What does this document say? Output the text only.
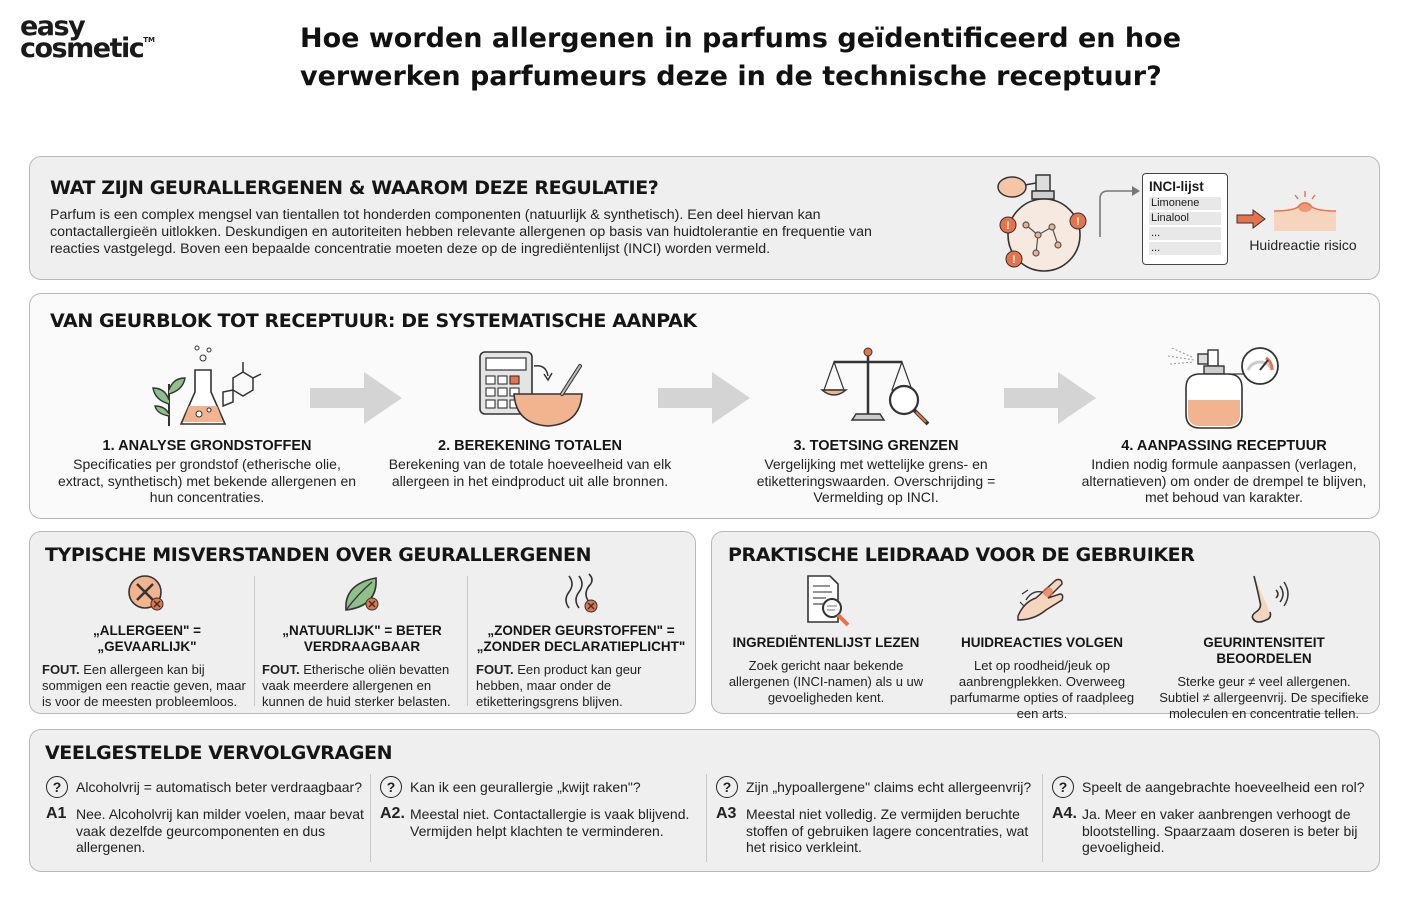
easy
cosmetic™	Hoe worden allergenen in parfums geïdentificeerd en hoe verwerken parfumeurs deze in de technische receptuur?
WAT ZIJN GEURALLERGENEN & WAAROM DEZE REGULATIE?
Parfum is een complex mengsel van tientallen tot honderden componenten (natuurlijk & synthetisch). Een deel hiervan kan contactallergieën uitlokken. Deskundigen en autoriteiten hebben relevante allergenen op basis van huidtolerantie en frequentie van reacties vastgelegd. Boven een bepaalde concentratie moeten deze op de ingrediëntenlijst (INCI) worden vermeld.
!	!
!
INCI-lijst
Limonene
Linalool
...
...	Huidreactie risico
VAN GEURBLOK TOT RECEPTUUR: DE SYSTEMATISCHE AANPAK
1. ANALYSE GRONDSTOFFEN
Specificaties per grondstof (etherische olie, extract, synthetisch) met bekende allergenen en hun concentraties.
2. BEREKENING TOTALEN
Berekening van de totale hoeveelheid van elk allergeen in het eindproduct uit alle bronnen.
3. TOETSING GRENZEN
Vergelijking met wettelijke grens- en etiketteringswaarden. Overschrijding = Vermelding op INCI.
4. AANPASSING RECEPTUUR
Indien nodig formule aanpassen (verlagen, alternatieven) om onder de drempel te blijven, met behoud van karakter.
TYPISCHE MISVERSTANDEN OVER GEURALLERGENEN
„ALLERGEEN" = „GEVAARLIJK"
FOUT. Een allergeen kan bij sommigen een reactie geven, maar is voor de meesten probleemloos.
„NATUURLIJK" = BETER VERDRAAGBAAR
FOUT. Etherische oliën bevatten vaak meerdere allergenen en kunnen de huid sterker belasten.
„ZONDER GEURSTOFFEN" = „ZONDER DECLARATIEPLICHT"
FOUT. Een product kan geur hebben, maar onder de etiketteringsgrens blijven.
PRAKTISCHE LEIDRAAD VOOR DE GEBRUIKER
INGREDIËNTENLIJST LEZEN
Zoek gericht naar bekende allergenen (INCI-namen) als u uw gevoeligheden kent.
HUIDREACTIES VOLGEN
Let op roodheid/jeuk op aanbrengplekken. Overweeg parfumarme opties of raadpleeg een arts.
GEURINTENSITEIT BEOORDELEN
Sterke geur ≠ veel allergenen. Subtiel ≠ allergeenvrij. De specifieke moleculen en concentratie tellen.
VEELGESTELDE VERVOLGVRAGEN
?	Alcoholvrij = automatisch beter verdraagbaar?
A1 Nee. Alcoholvrij kan milder voelen, maar bevat vaak dezelfde geurcomponenten en dus allergenen.
?	Kan ik een geurallergie „kwijt raken"?
A2. Meestal niet. Contactallergie is vaak blijvend. Vermijden helpt klachten te verminderen.
?	Zijn „hypoallergene" claims echt allergeenvrij?
A3 Meestal niet volledig. Ze vermijden beruchte stoffen of gebruiken lagere concentraties, wat het risico verkleint.
?	Speelt de aangebrachte hoeveelheid een rol?
A4. Ja. Meer en vaker aanbrengen verhoogt de blootstelling. Spaarzaam doseren is beter bij gevoeligheid.
